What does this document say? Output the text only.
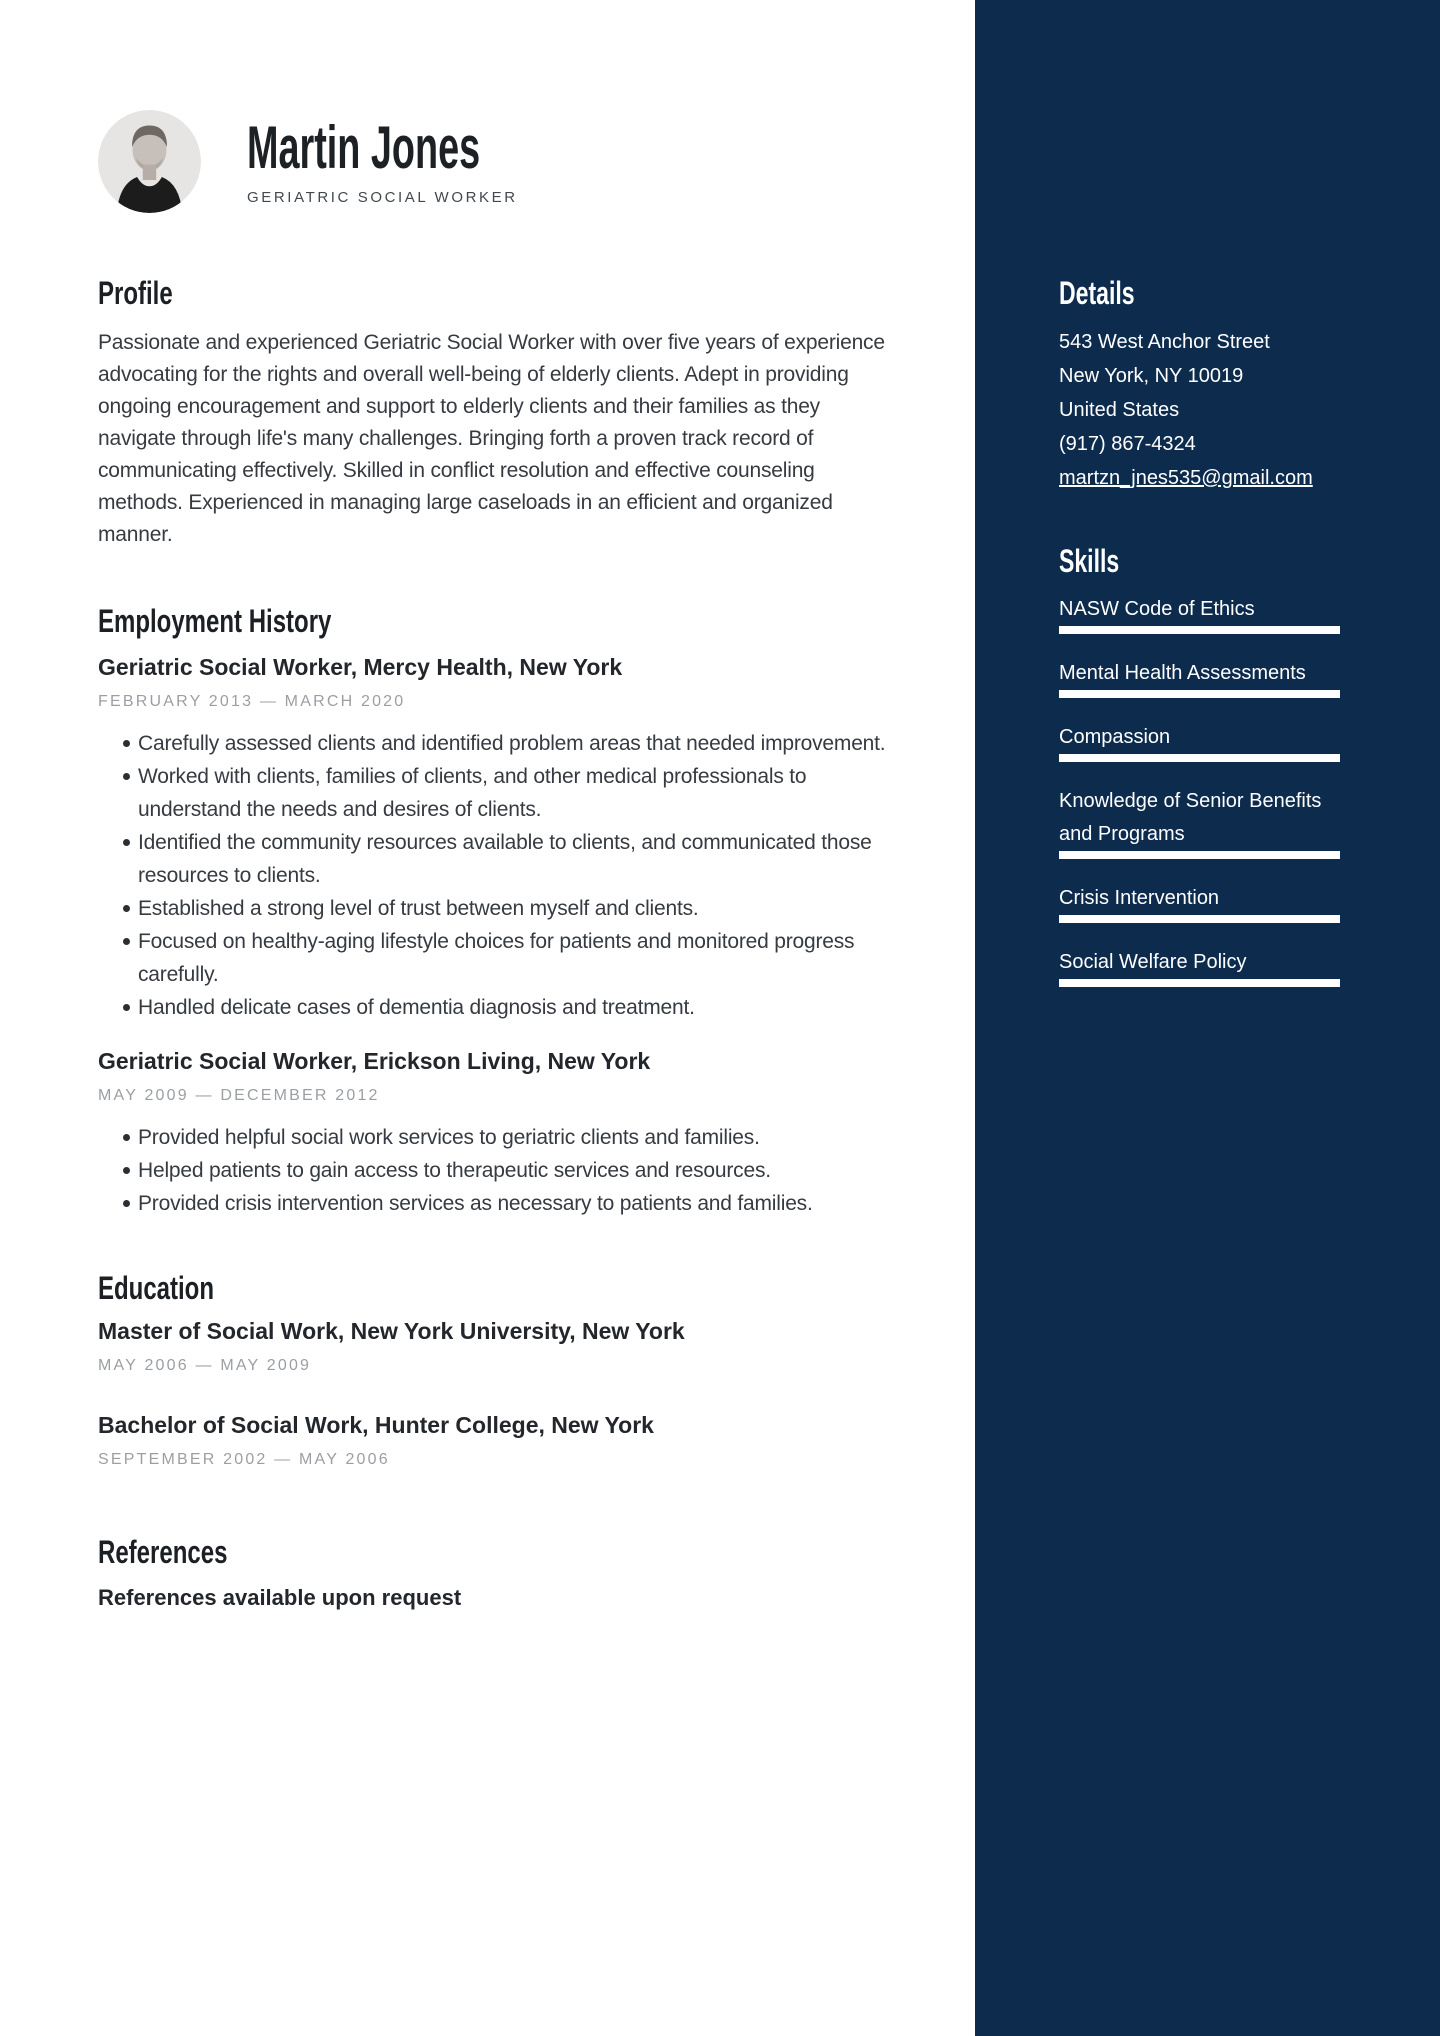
Martin Jones
GERIATRIC SOCIAL WORKER
Profile

Passionate and experienced Geriatric Social Worker with over five years of experience advocating for the rights and overall well-being of elderly clients. Adept in providing ongoing encouragement and support to elderly clients and their families as they navigate through life's many challenges. Bringing forth a proven track record of communicating effectively. Skilled in conflict resolution and effective counseling methods. Experienced in managing large caseloads in an efficient and organized manner.

Employment History
Geriatric Social Worker, Mercy Health, New York
FEBRUARY 2013 — MARCH 2020
Carefully assessed clients and identified problem areas that needed improvement.
Worked with clients, families of clients, and other medical professionals to understand the needs and desires of clients.
Identified the community resources available to clients, and communicated those resources to clients.
Established a strong level of trust between myself and clients.
Focused on healthy-aging lifestyle choices for patients and monitored progress carefully.
Handled delicate cases of dementia diagnosis and treatment.
Geriatric Social Worker, Erickson Living, New York
MAY 2009 — DECEMBER 2012
Provided helpful social work services to geriatric clients and families.
Helped patients to gain access to therapeutic services and resources.
Provided crisis intervention services as necessary to patients and families.
Education
Master of Social Work, New York University, New York
MAY 2006 — MAY 2009
Bachelor of Social Work, Hunter College, New York
SEPTEMBER 2002 — MAY 2006
References

References available upon request

Details
543 West Anchor Street
New York, NY 10019
United States
(917) 867-4324
martzn_jnes535@gmail.com
Skills
NASW Code of Ethics
Mental Health Assessments
Compassion
Knowledge of Senior Benefits and Programs
Crisis Intervention
Social Welfare Policy
